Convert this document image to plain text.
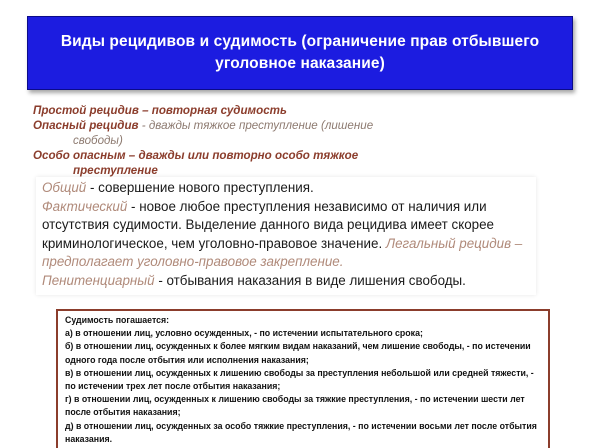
Виды рецидивов и судимость (ограничение прав отбывшего уголовное наказание)
Простой рецидив – повторная судимость
Опасный рецидив - дважды тяжкое преступление (лишение
свободы)
Особо опасным – дважды или повторно особо тяжкое
преступление
Общий - совершение нового преступления.
Фактический - новое любое преступления независимо от наличия или отсутствия судимости. Выделение данного вида рецидива имеет скорее криминологическое, чем уголовно-правовое значение. Легальный рецидив – предполагает уголовно-правовое закрепление.
Пенитенциарный - отбывания наказания в виде лишения свободы.

Судимость погашается:

а) в отношении лиц, условно осужденных, - по истечении испытательного срока;

б) в отношении лиц, осужденных к более мягким видам наказаний, чем лишение свободы, - по истечении одного года после отбытия или исполнения наказания;

в) в отношении лиц, осужденных к лишению свободы за преступления небольшой или средней тяжести, - по истечении трех лет после отбытия наказания;

г) в отношении лиц, осужденных к лишению свободы за тяжкие преступления, - по истечении шести лет после отбытия наказания;

д) в отношении лиц, осужденных за особо тяжкие преступления, - по истечении восьми лет после отбытия наказания.
